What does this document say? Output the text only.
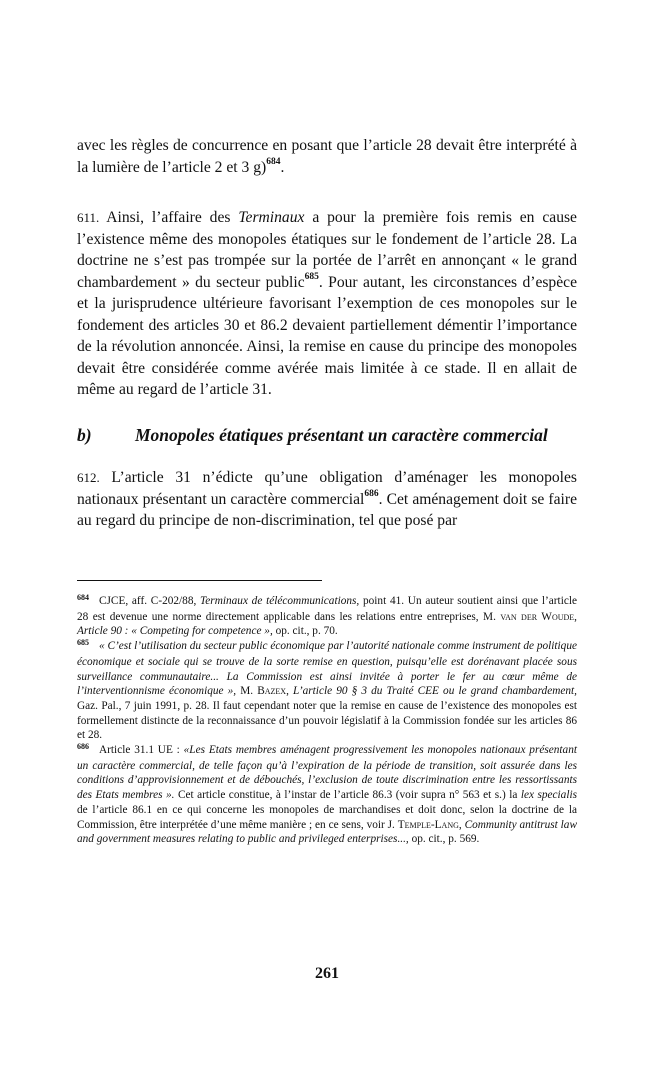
avec les règles de concurrence en posant que l’article 28 devait être interprété à la lumière de l’article 2 et 3 g)$^{684}$.

611. Ainsi, l’affaire des Terminaux a pour la première fois remis en cause l’existence même des monopoles étatiques sur le fondement de l’article 28. La doctrine ne s’est pas trompée sur la portée de l’arrêt en annonçant « le grand chambardement » du secteur public$^{685}$. Pour autant, les circonstances d’espèce et la jurisprudence ultérieure favorisant l’exemption de ces monopoles sur le fondement des articles 30 et 86.2 devaient partiellement démentir l’importance de la révolution annoncée. Ainsi, la remise en cause du principe des monopoles devait être considérée comme avérée mais limitée à ce stade. Il en allait de même au regard de l’article 31.

b) Monopoles étatiques présentant un caractère commercial

612. L’article 31 n’édicte qu’une obligation d’aménager les monopoles nationaux présentant un caractère commercial$^{686}$. Cet aménagement doit se faire au regard du principe de non-discrimination, tel que posé par

684 CJCE, aff. C-202/88, Terminaux de télécommunications, point 41. Un auteur soutient ainsi que l’article 28 est devenue une norme directement applicable dans les relations entre entreprises, M. van der Woude, Article 90 : « Competing for competence », op. cit., p. 70.

685 « C’est l’utilisation du secteur public économique par l’autorité nationale comme instrument de politique économique et sociale qui se trouve de la sorte remise en question, puisqu’elle est dorénavant placée sous surveillance communautaire... La Commission est ainsi invitée à porter le fer au cœur même de l’interventionnisme économique », M. Bazex, L’article 90 § 3 du Traité CEE ou le grand chambardement, Gaz. Pal., 7 juin 1991, p. 28. Il faut cependant noter que la remise en cause de l’existence des monopoles est formellement distincte de la reconnaissance d’un pouvoir législatif à la Commission fondée sur les articles 86 et 28.

686 Article 31.1 UE : «Les Etats membres aménagent progressivement les monopoles nationaux présentant un caractère commercial, de telle façon qu’à l’expiration de la période de transition, soit assurée dans les conditions d’approvisionnement et de débouchés, l’exclusion de toute discrimination entre les ressortissants des Etats membres ». Cet article constitue, à l’instar de l’article 86.3 (voir supra n° 563 et s.) la lex specialis de l’article 86.1 en ce qui concerne les monopoles de marchandises et doit donc, selon la doctrine de la Commission, être interprétée d’une même manière ; en ce sens, voir J. Temple-Lang, Community antitrust law and government measures relating to public and privileged enterprises..., op. cit., p. 569.

261
